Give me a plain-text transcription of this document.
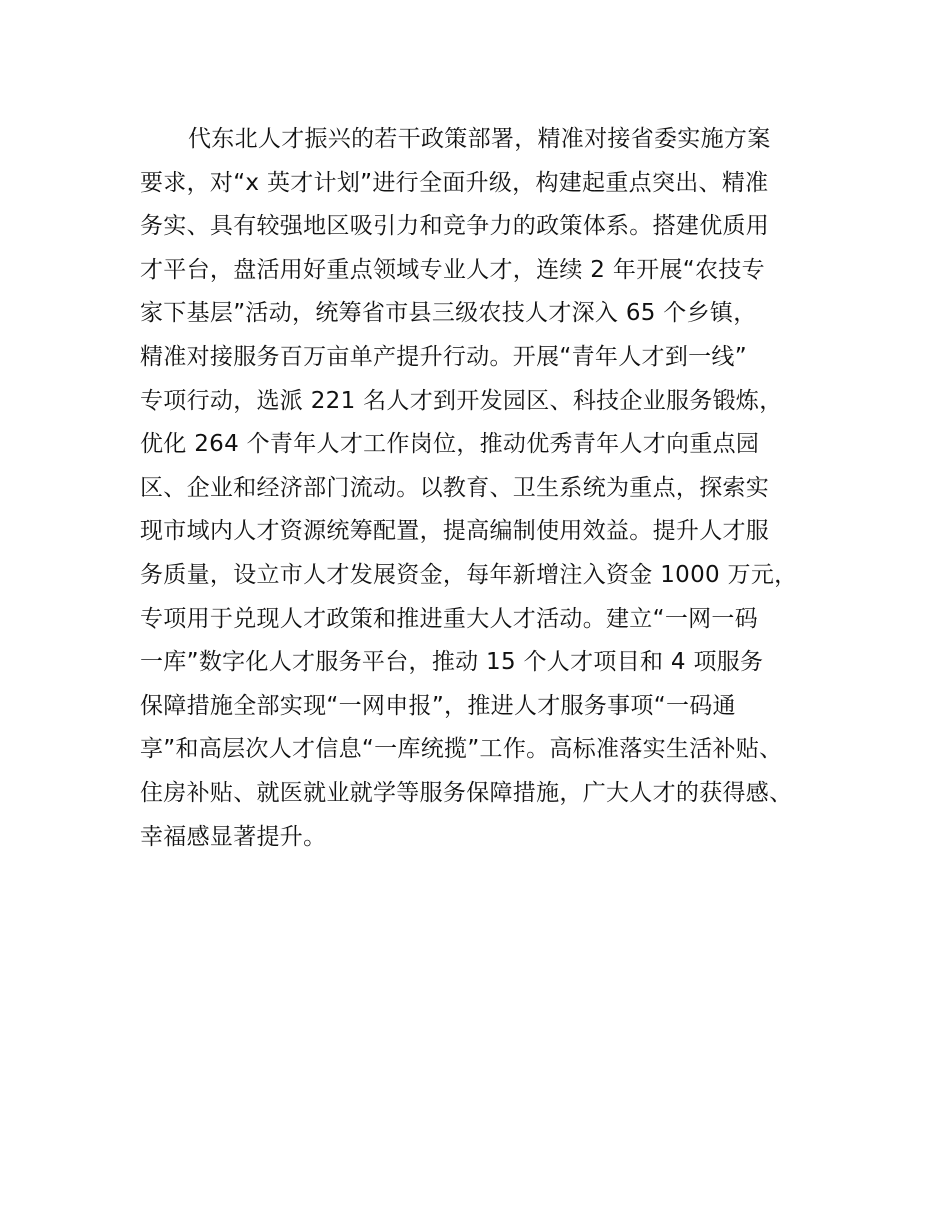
代东北人才振兴的若干政策部署，精准对接省委实施方案
要求，对“x 英才计划”进行全面升级，构建起重点突出、精准
务实、具有较强地区吸引力和竞争力的政策体系。搭建优质用
才平台，盘活用好重点领域专业人才，连续 2 年开展“农技专
家下基层”活动，统筹省市县三级农技人才深入 65 个乡镇，
精准对接服务百万亩单产提升行动。开展“青年人才到一线”
专项行动，选派 221 名人才到开发园区、科技企业服务锻炼，
优化 264 个青年人才工作岗位，推动优秀青年人才向重点园
区、企业和经济部门流动。以教育、卫生系统为重点，探索实
现市域内人才资源统筹配置，提高编制使用效益。提升人才服
务质量，设立市人才发展资金，每年新增注入资金 1000 万元，
专项用于兑现人才政策和推进重大人才活动。建立“一网一码
一库”数字化人才服务平台，推动 15 个人才项目和 4 项服务
保障措施全部实现“一网申报”，推进人才服务事项“一码通
享”和高层次人才信息“一库统揽”工作。高标准落实生活补贴、
住房补贴、就医就业就学等服务保障措施，广大人才的获得感、
幸福感显著提升。
